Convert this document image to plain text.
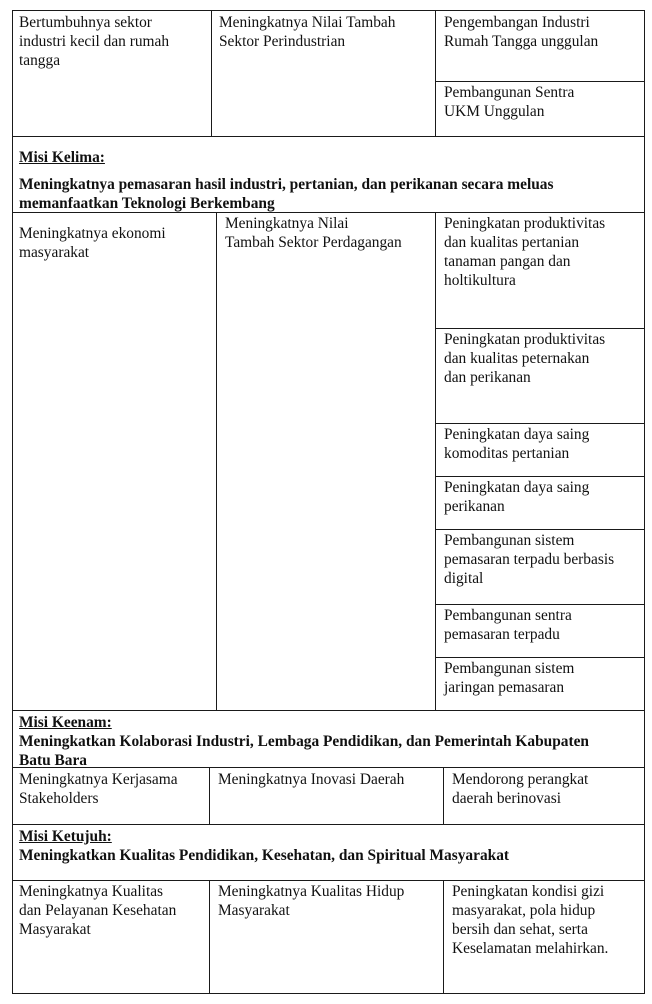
Bertumbuhnya sektor
industri kecil dan rumah
tangga
Meningkatnya Nilai Tambah
Sektor Perindustrian
Pengembangan Industri
Rumah Tangga unggulan
Pembangunan Sentra
UKM Unggulan
Misi Kelima:
Meningkatnya pemasaran hasil industri, pertanian, dan perikanan secara meluas
memanfaatkan Teknologi Berkembang
Meningkatnya ekonomi
masyarakat
Meningkatnya Nilai
Tambah Sektor Perdagangan
Peningkatan produktivitas
dan kualitas pertanian
tanaman pangan dan
holtikultura
Peningkatan produktivitas
dan kualitas peternakan
dan perikanan
Peningkatan daya saing
komoditas pertanian
Peningkatan daya saing
perikanan
Pembangunan sistem
pemasaran terpadu berbasis
digital
Pembangunan sentra
pemasaran terpadu
Pembangunan sistem
jaringan pemasaran
Misi Keenam:
Meningkatkan Kolaborasi Industri, Lembaga Pendidikan, dan Pemerintah Kabupaten
Batu Bara
Meningkatnya Kerjasama
Stakeholders
Meningkatnya Inovasi Daerah	Mendorong perangkat
daerah berinovasi
Misi Ketujuh:
Meningkatkan Kualitas Pendidikan, Kesehatan, dan Spiritual Masyarakat
Meningkatnya Kualitas
dan Pelayanan Kesehatan
Masyarakat
Meningkatnya Kualitas Hidup
Masyarakat
Peningkatan kondisi gizi
masyarakat, pola hidup
bersih dan sehat, serta
Keselamatan melahirkan.
